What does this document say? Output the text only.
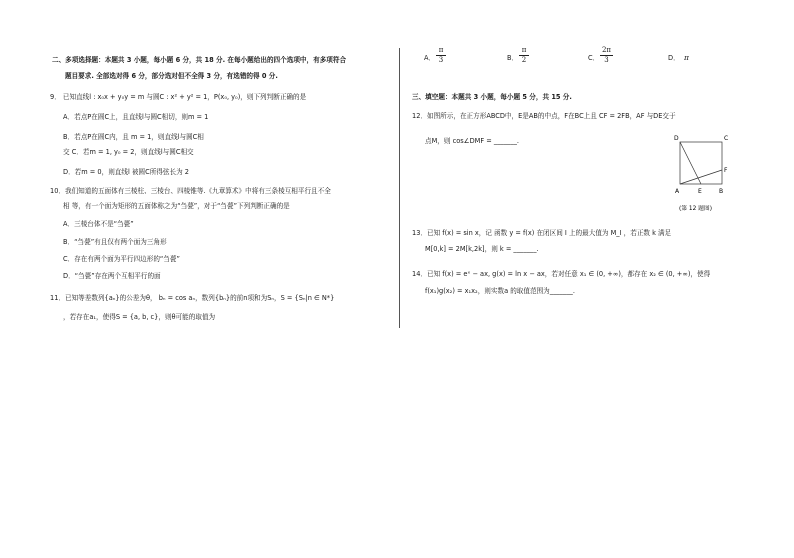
二、多项选择题：本题共 3 小题，每小题 6 分，共 18 分. 在每小题给出的四个选项中，有多项符合
题目要求. 全部选对得 6 分，部分选对但不全得 3 分，有选错的得 0 分.
9． 已知直线l : x₀x + y₀y = m 与圆C : x² + y² = 1，P(x₀, y₀)，则下列判断正确的是
A．若点P在圆C上，且直线l与圆C相切，则m = 1
B．若点P在圆C内，且 m = 1，则直线l与圆C相
交 C．若m = 1, y₀ = 2，则直线l与圆C相交
D．若m = 0，则直线l 被圆C所得弦长为 2
10．我们知道的五面体有三棱柱、三棱台、四棱锥等.《九章算术》中将有三条棱互相平行且不全
相 等，有一个面为矩形的五面体称之为“刍甍”，对于“刍甍”下列判断正确的是
A．三棱台体不是“刍甍”
B．“刍甍”有且仅有两个面为三角形
C．存在有两个面为平行四边形的“刍甍”
D．“刍甍”存在两个互相平行的面
11．已知等差数列{aₙ}的公差为θ， bₙ = cos aₙ，数列{bₙ}的前n项和为Sₙ，S = {Sₙ|n ∈ N*}
，若存在a₁，使得S = {a, b, c}，则θ可能的取值为
A． $\frac{\pi}{3}$	B． $\frac{\pi}{2}$	C． $\frac{2\pi}{3}$	D． π
三、填空题：本题共 3 小题，每小题 5 分，共 15 分.
12．如图所示，在正方形ABCD中，E是AB的中点，F在BC上且 CF = 2FB，AF 与DE交于
点M，则 cos∠DMF = _______.	D	C
F
A	E	B
(第 12 题图)
13．已知 f(x) = sin x，记 函数 y = f(x) 在闭区间 I 上的最大值为 M_I ，若正数 k 满足
M[0,k] = 2M[k,2k]，则 k = _______.
14．已知 f(x) = eˣ − ax, g(x) = ln x − ax，若对任意 x₁ ∈ (0, +∞)，都存在 x₂ ∈ (0, +∞)，使得
f(x₁)g(x₂) = x₁x₂，则实数a 的取值范围为_______.
